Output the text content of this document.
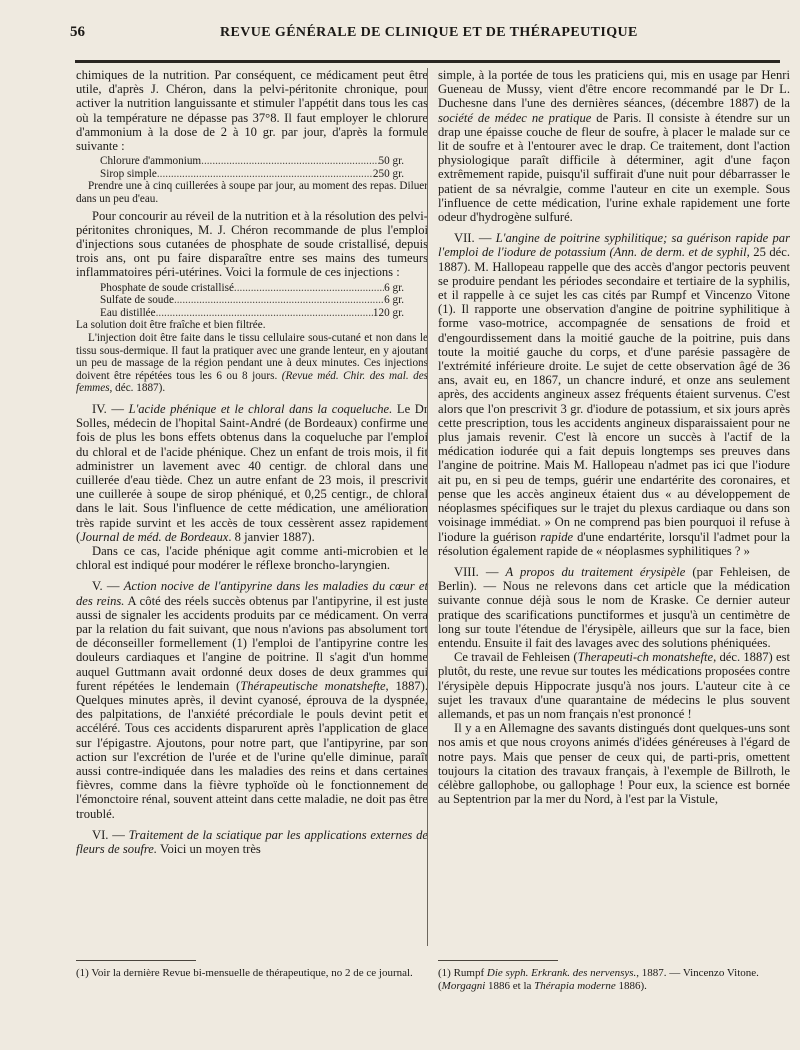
56	REVUE GÉNÉRALE DE CLINIQUE ET DE THÉRAPEUTIQUE

chimiques de la nutrition. Par conséquent, ce médicament peut être utile, d'après J. Chéron, dans la pelvi-péritonite chronique, pour activer la nutrition languissante et stimuler l'appétit dans tous les cas où la température ne dépasse pas 37°8. Il faut employer le chlorure d'ammonium à la dose de 2 à 10 gr. par jour, d'après la formule suivante :

Chlorure d'ammonium .....	50 gr.
Sirop simple .....	250 gr.

Prendre une à cinq cuillerées à soupe par jour, au moment des repas. Diluer dans un peu d'eau.

Pour concourir au réveil de la nutrition et à la résolution des pelvi-péritonites chroniques, M. J. Chéron recommande de plus l'emploi d'injections sous cutanées de phosphate de soude cristallisé, depuis trois ans, ont pu faire disparaître entre ses mains des tumeurs inflammatoires péri-utérines. Voici la formule de ces injections :

Phosphate de soude cristallisé .....	6 gr.
Sulfate de soude .....	6 gr.
Eau distillée .....	120 gr.

La solution doit être fraîche et bien filtrée.

L'injection doit être faite dans le tissu cellulaire sous-cutané et non dans le tissu sous-dermique. Il faut la pratiquer avec une grande lenteur, en y ajoutant un peu de massage de la région pendant une à deux minutes. Ces injections doivent être répétées tous les 6 ou 8 jours. (Revue méd. Chir. des mal. des femmes, déc. 1887).

IV. — L'acide phénique et le chloral dans la coqueluche. Le Dr Solles, médecin de l'hopital Saint-André (de Bordeaux) confirme une fois de plus les bons effets obtenus dans la coqueluche par l'emploi du chloral et de l'acide phénique. Chez un enfant de trois mois, il fit administrer un lavement avec 40 centigr. de chloral dans une cuillerée d'eau tiède. Chez un autre enfant de 23 mois, il prescrivit une cuillerée à soupe de sirop phéniqué, et 0,25 centigr., de chloral dans le lait. Sous l'influence de cette médication, une amélioration très rapide survint et les accès de toux cessèrent assez rapidement (Journal de méd. de Bordeaux. 8 janvier 1887).

Dans ce cas, l'acide phénique agit comme anti-microbien et le chloral est indiqué pour modérer le réflexe broncho-laryngien.

V. — Action nocive de l'antipyrine dans les maladies du cœur et des reins. A côté des réels succès obtenus par l'antipyrine, il est juste aussi de signaler les accidents produits par ce médicament. On verra par la relation du fait suivant, que nous n'avions pas absolument tort de déconseiller formellement (1) l'emploi de l'antipyrine contre les douleurs cardiaques et l'angine de poitrine. Il s'agit d'un homme auquel Guttmann avait ordonné deux doses de deux grammes qui furent répétées le lendemain (Thérapeutische monatshefte, 1887). Quelques minutes après, il devint cyanosé, éprouva de la dyspnée, des palpitations, de l'anxiété précordiale le pouls devint petit et accéléré. Tous ces accidents disparurent après l'application de glace sur l'épigastre. Ajoutons, pour notre part, que l'antipyrine, par son action sur l'excrétion de l'urée et de l'urine qu'elle diminue, paraît aussi contre-indiquée dans les maladies des reins et dans certaines fièvres, comme dans la fièvre typhoïde où le fonctionnement de l'émonctoire rénal, souvent atteint dans cette maladie, ne doit pas être troublé.

VI. — Traitement de la sciatique par les applications externes de fleurs de soufre. Voici un moyen très

simple, à la portée de tous les praticiens qui, mis en usage par Henri Gueneau de Mussy, vient d'être encore recommandé par le Dr L. Duchesne dans l'une des dernières séances, (décembre 1887) de la société de médec ne pratique de Paris. Il consiste à étendre sur un drap une épaisse couche de fleur de soufre, à placer le malade sur ce lit de soufre et à l'entourer avec le drap. Ce traitement, dont l'action physiologique paraît difficile à déterminer, agit d'une façon extrêmement rapide, puisqu'il suffirait d'une nuit pour débarrasser le patient de sa névralgie, comme l'auteur en cite un exemple. Sous l'influence de cette médication, l'urine exhale rapidement une forte odeur d'hydrogène sulfuré.

VII. — L'angine de poitrine syphilitique; sa guérison rapide par l'emploi de l'iodure de potassium (Ann. de derm. et de syphil, 25 déc. 1887). M. Hallopeau rappelle que des accès d'angor pectoris peuvent se produire pendant les périodes secondaire et tertiaire de la syphilis, et il rappelle à ce sujet les cas cités par Rumpf et Vincenzo Vitone (1). Il rapporte une observation d'angine de poitrine syphilitique à forme vaso-motrice, accompagnée de sensations de froid et d'engourdissement dans la moitié gauche de la poitrine, puis dans toute la moitié gauche du corps, et d'une parésie passagère de l'extrémité inférieure droite. Le sujet de cette observation âgé de 36 ans, avait eu, en 1867, un chancre induré, et onze ans seulement après, des accidents angineux assez fréquents étaient survenus. C'est alors que l'on prescrivit 3 gr. d'iodure de potassium, et six jours après cette prescription, tous les accidents angineux disparaissaient pour ne plus jamais revenir. C'est là encore un succès à l'actif de la médication iodurée qui a fait depuis longtemps ses preuves dans l'angine de poitrine. Mais M. Hallopeau n'admet pas ici que l'iodure ait pu, en si peu de temps, guérir une endartérite des coronaires, et pense que les accès angineux étaient dus « au développement de néoplasmes spécifiques sur le trajet du plexus cardiaque ou dans son voisinage immédiat. » On ne comprend pas bien pourquoi il refuse à l'iodure la guérison rapide d'une endartérite, lorsqu'il l'admet pour la résolution également rapide de « néoplasmes syphilitiques ? »

VIII. — A propos du traitement érysipèle (par Fehleisen, de Berlin). — Nous ne relevons dans cet article que la médication suivante connue déjà sous le nom de Kraske. Ce dernier auteur pratique des scarifications punctiformes et jusqu'à un centimètre de long sur toute l'étendue de l'érysipèle, ailleurs que sur la face, bien entendu. Ensuite il fait des lavages avec des solutions phéniquées.

Ce travail de Fehleisen (Therapeuti-ch monatshefte, déc. 1887) est plutôt, du reste, une revue sur toutes les médications proposées contre l'érysipèle depuis Hippocrate jusqu'à nos jours. L'auteur cite à ce sujet les travaux d'une quarantaine de médecins le plus souvent allemands, et pas un nom français n'est prononcé !

Il y a en Allemagne des savants distingués dont quelques-uns sont nos amis et que nous croyons animés d'idées généreuses à l'égard de notre pays. Mais que penser de ceux qui, de parti-pris, omettent toujours la citation des travaux français, à l'exemple de Billroth, le célèbre gallophobe, ou gallophage ! Pour eux, la science est bornée au Septentrion par la mer du Nord, à l'est par la Vistule,

(1) Voir la dernière Revue bi-mensuelle de thérapeutique, no 2 de ce journal.	(1) Rumpf Die syph. Erkrank. des nervensys., 1887. — Vincenzo Vitone. (Morgagni 1886 et la Thérapia moderne 1886).
